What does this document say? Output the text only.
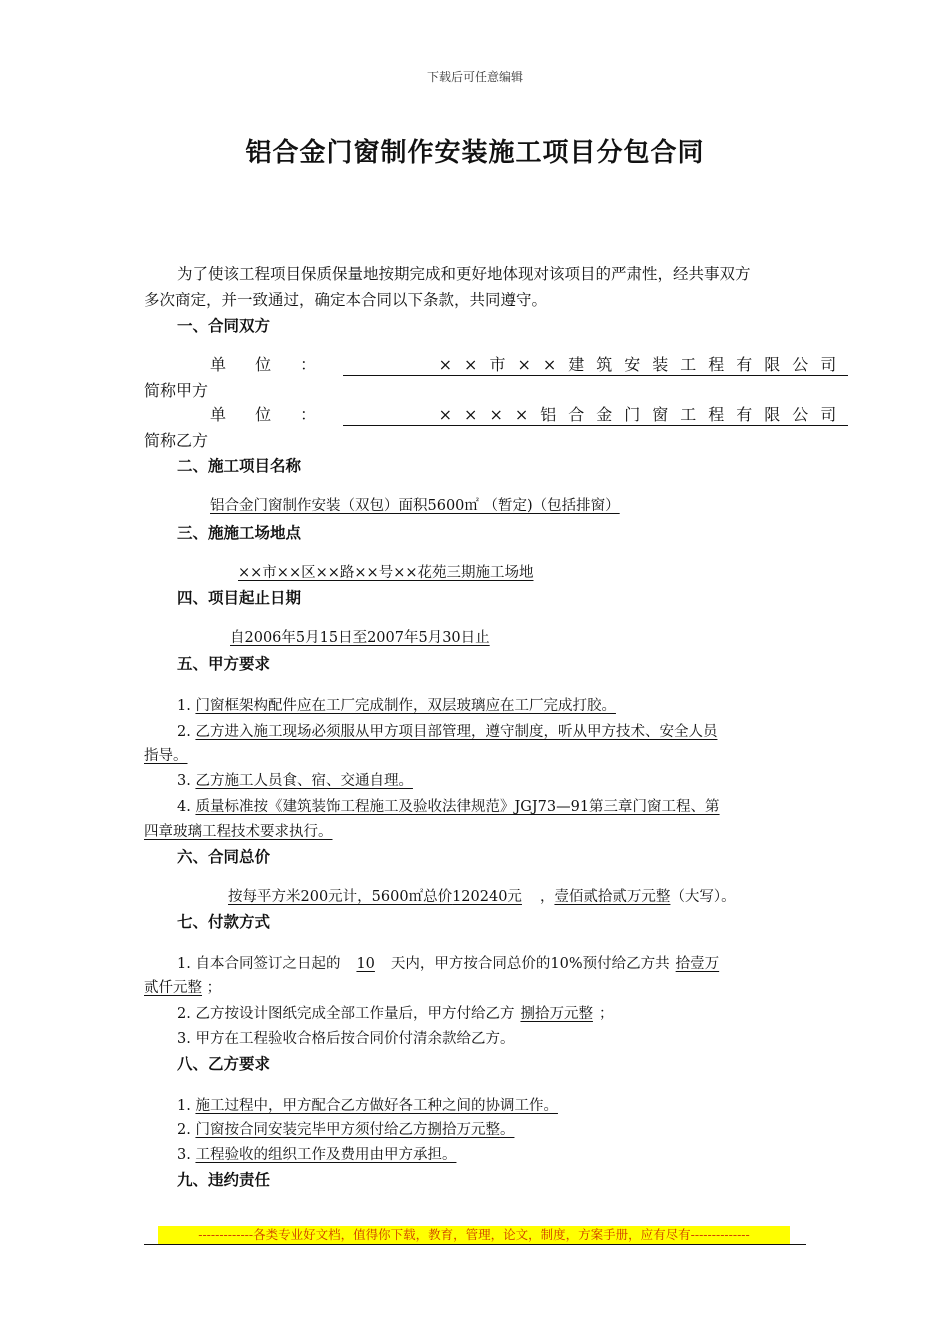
下载后可任意编辑
铝合金门窗制作安装施工项目分包合同
为了使该工程项目保质保量地按期完成和更好地体现对该项目的严肃性，经共事双方
多次商定，并一致通过，确定本合同以下条款，共同遵守。
一、合同双方
单 位 ：	××市××建筑安装工程有限公司
简称甲方
单 位 ：	××××铝合金门窗工程有限公司
简称乙方
二、施工项目名称
铝合金门窗制作安装（双包）面积5600㎡ （暂定)（包括排窗）
三、施施工场地点
××市××区××路××号××花苑三期施工场地
四、项目起止日期
自2006年5月15日至2007年5月30日止
五、甲方要求
1. 门窗框架构配件应在工厂完成制作，双层玻璃应在工厂完成打胶。
2. 乙方进入施工现场必须服从甲方项目部管理，遵守制度，听从甲方技术、安全人员
指导。
3. 乙方施工人员食、宿、交通自理。
4. 质量标准按《建筑装饰工程施工及验收法律规范》JGJ73—91第三章门窗工程、第
四章玻璃工程技术要求执行。
六、合同总价
按每平方米200元计，5600㎡总价120240元 ，壹佰贰拾贰万元整（大写）。
七、付款方式
1. 自本合同签订之日起的 10 天内，甲方按合同总价的10%预付给乙方共 拾壹万
贰仟元整 ；
2. 乙方按设计图纸完成全部工作量后，甲方付给乙方 捌拾万元整 ；
3. 甲方在工程验收合格后按合同价付清余款给乙方。
八、乙方要求
1. 施工过程中，甲方配合乙方做好各工种之间的协调工作。
2. 门窗按合同安装完毕甲方须付给乙方捌拾万元整。
3. 工程验收的组织工作及费用由甲方承担。
九、违约责任
-------------各类专业好文档，值得你下载，教育，管理，论文，制度，方案手册，应有尽有--------------
